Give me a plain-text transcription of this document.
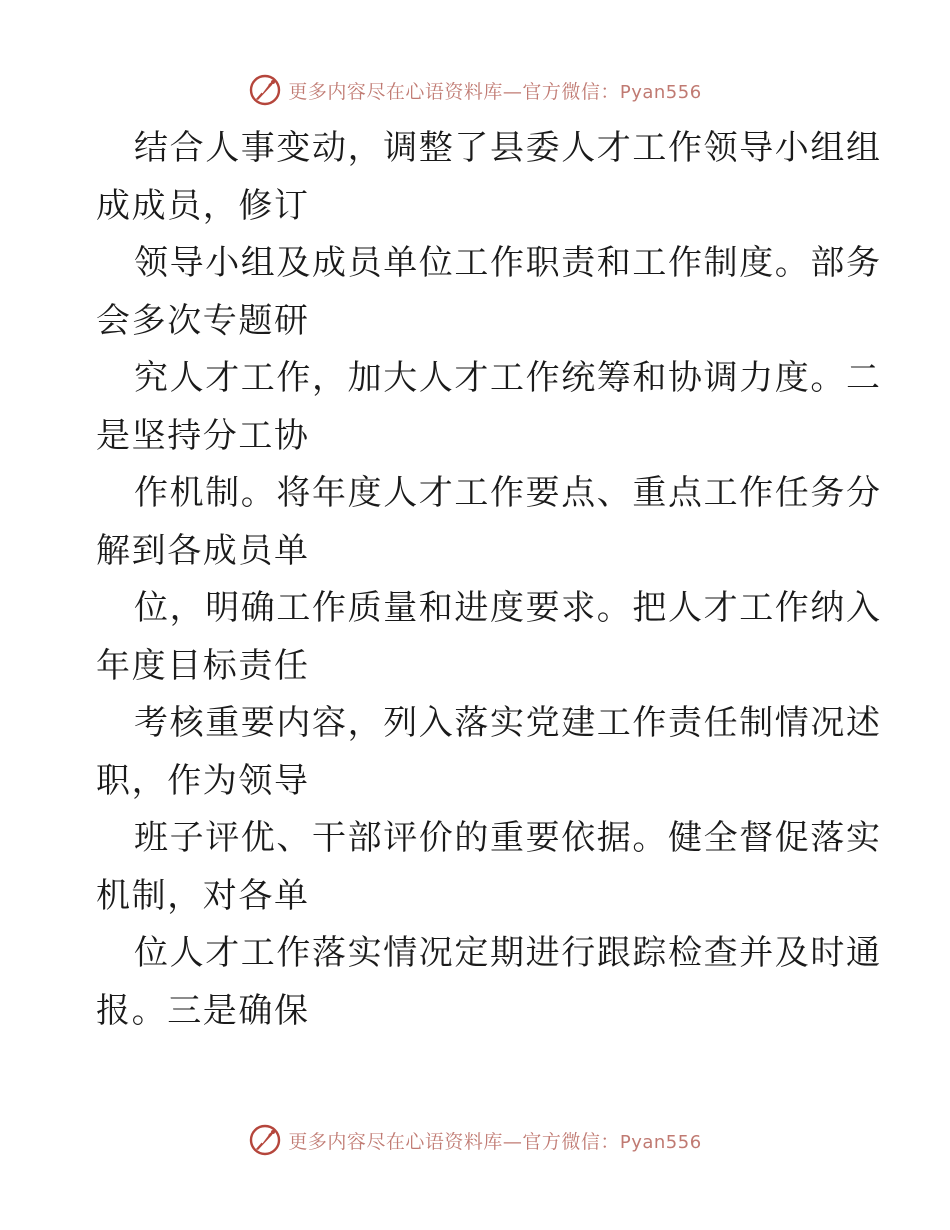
更多内容尽在心语资料库—官方微信：Pyan556
结合人事变动，调整了县委人才工作领导小组组
成成员，修订
领导小组及成员单位工作职责和工作制度。部务
会多次专题研
究人才工作，加大人才工作统筹和协调力度。二
是坚持分工协
作机制。将年度人才工作要点、重点工作任务分
解到各成员单
位，明确工作质量和进度要求。把人才工作纳入
年度目标责任
考核重要内容，列入落实党建工作责任制情况述
职，作为领导
班子评优、干部评价的重要依据。健全督促落实
机制，对各单
位人才工作落实情况定期进行跟踪检查并及时通
报。三是确保
更多内容尽在心语资料库—官方微信：Pyan556
